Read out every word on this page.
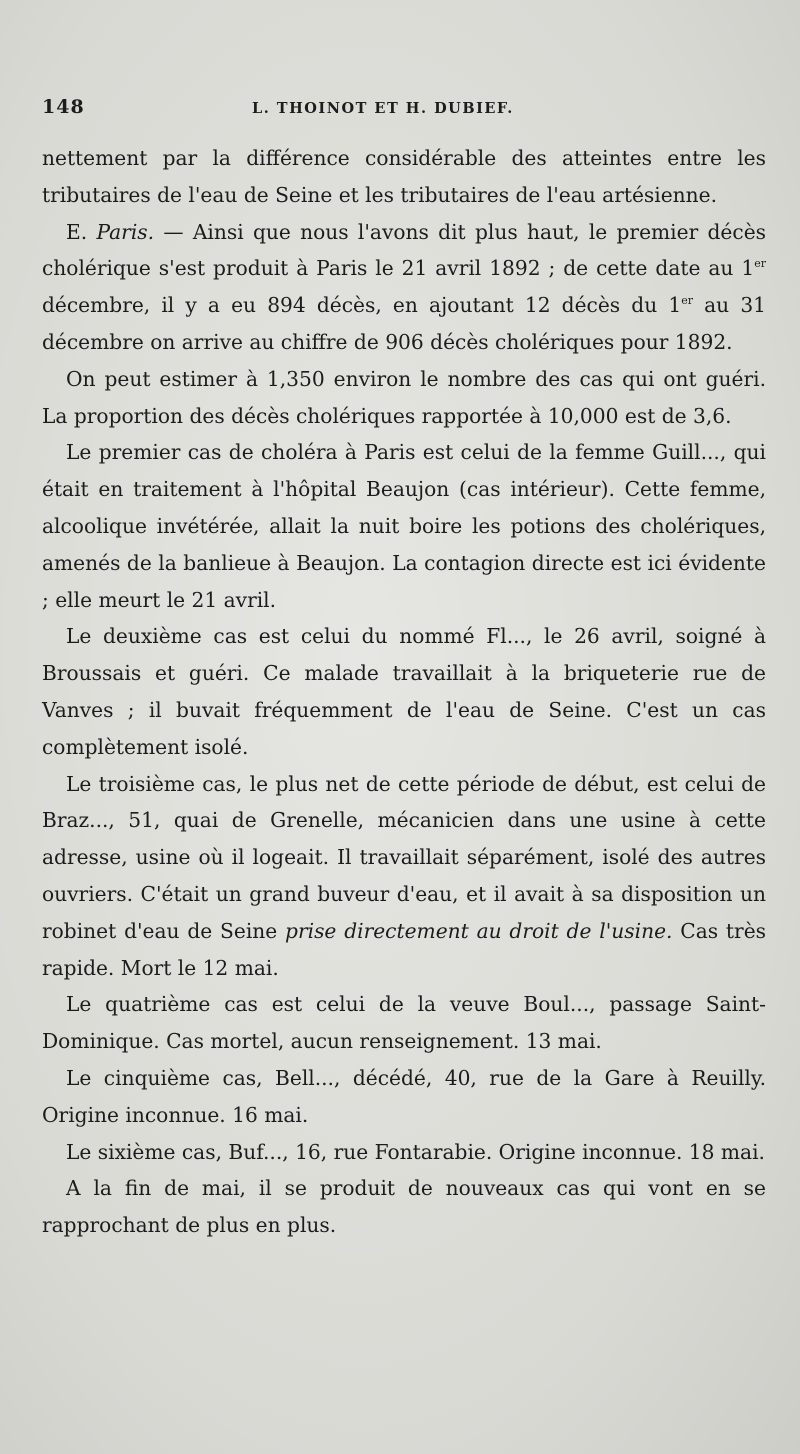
148	L. THOINOT ET H. DUBIEF.

nettement par la différence considérable des atteintes entre les tributaires de l'eau de Seine et les tributaires de l'eau artésienne.

E. Paris. — Ainsi que nous l'avons dit plus haut, le premier décès cholérique s'est produit à Paris le 21 avril 1892 ; de cette date au 1er décembre, il y a eu 894 décès, en ajoutant 12 décès du 1er au 31 décembre on arrive au chiffre de 906 décès cholériques pour 1892.

On peut estimer à 1,350 environ le nombre des cas qui ont guéri. La proportion des décès cholériques rapportée à 10,000 est de 3,6.

Le premier cas de choléra à Paris est celui de la femme Guill..., qui était en traitement à l'hôpital Beaujon (cas intérieur). Cette femme, alcoolique invétérée, allait la nuit boire les potions des cholériques, amenés de la banlieue à Beaujon. La contagion directe est ici évidente ; elle meurt le 21 avril.

Le deuxième cas est celui du nommé Fl..., le 26 avril, soigné à Broussais et guéri. Ce malade travaillait à la briqueterie rue de Vanves ; il buvait fréquemment de l'eau de Seine. C'est un cas complètement isolé.

Le troisième cas, le plus net de cette période de début, est celui de Braz..., 51, quai de Grenelle, mécanicien dans une usine à cette adresse, usine où il logeait. Il travaillait séparément, isolé des autres ouvriers. C'était un grand buveur d'eau, et il avait à sa disposition un robinet d'eau de Seine prise directement au droit de l'usine. Cas très rapide. Mort le 12 mai.

Le quatrième cas est celui de la veuve Boul..., passage Saint-Dominique. Cas mortel, aucun renseignement. 13 mai.

Le cinquième cas, Bell..., décédé, 40, rue de la Gare à Reuilly. Origine inconnue. 16 mai.

Le sixième cas, Buf..., 16, rue Fontarabie. Origine inconnue. 18 mai.

A la fin de mai, il se produit de nouveaux cas qui vont en se rapprochant de plus en plus.
